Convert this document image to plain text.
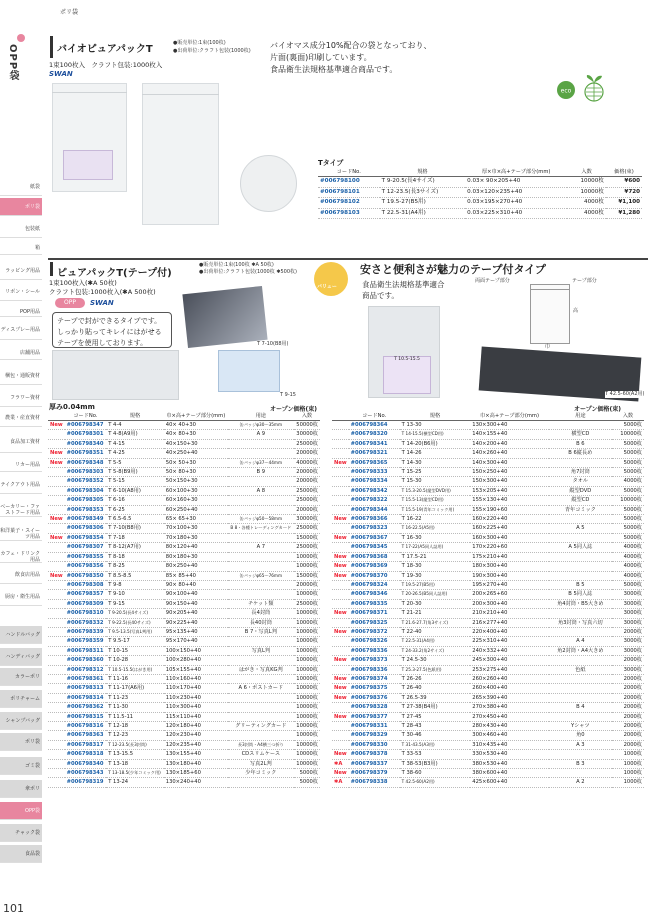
OPP袋
紙袋
ポリ袋
包装紙
箱
ラッピング用品
リボン・シール
POP用品
ディスプレー用品
店舗用品
梱包・通販資材
フラワー資材
農業・産直資材
食品加工資材
リカー用品
テイクアウト用品
ベーカリー・ファストフード用品
和洋菓子・スイーツ用品
カフェ・ドリンク用品
飲食店用品
厨房・衛生用品
ハンドルバッグ
ハンディバッグ
カラーポリ
ポリチャーム
シャンプバッグ
ポリ袋
ゴミ袋
傘ポリ
OPP袋
チャック袋
食品袋
101
ポリ袋
バイオピュアパックT
●販売単位:1束(100枚)
●出荷単位:クラフト包装(1000枚)
1束100枚入　クラフト包装:1000枚入
SWAN
バイオマス成分10%配合の袋となっており、
片面(裏面)印刷しています。
食品衛生法規格基準適合商品です。
eco
Tタイプ
コードNo.	規格	厚×巾×高+テープ部分(mm)	入数	価格(束)
#006798100	T 9-20.5(長4サイズ)	0.03× 90×205+40	10000枚	¥600
#006798101	T 12-23.5(長3サイズ)	0.03×120×235+40	10000枚	¥720
#006798102	T 19.5-27(B5用)	0.03×195×270+40	4000枚	¥1,100
#006798103	T 22.5-31(A4用)	0.03×225×310+40	4000枚	¥1,280
ピュアパックT(テープ付)
●販売単位:1束(100枚 ✱A 50枚)
●出荷単位:クラフト包装(1000枚 ✱500枚)
1束100枚入(✱A 50枚)
クラフト包装:1000枚入(✱A 500枚)
OPP	SWAN
テープで封ができるタイプです。しっかり貼ってキレイにはがせるテープを使用しております。	T 7-10(B8用)
T 9-15
バリュー
安さと便利さが魅力のテープ付タイプ
食品衛生法規格基準適合
商品です。
両面テープ部分	テープ部分
高
巾
T 10.5-15.5
T 42.5-60(A2用)
厚み0.04mm	オープン価格(束)	オープン価格(束)
	コードNo.	規格	巾×高+テープ部分(mm)	用途	入数
New	#006798347	T 4-4	40× 40+30	缶バッジφ30〜35mm	50000枚
	#006798301	T 4-8(A9用)	40× 80+30	A 9	30000枚
	#006798340	T 4-15	40×150+30		25000枚
New	#006798351	T 4-25	40×250+40		20000枚
New	#006798348	T 5-5	50× 50+30	缶バッジφ37〜44mm	40000枚
	#006798303	T 5-8(B9用)	50× 80+30	B 9	20000枚
	#006798352	T 5-15	50×150+30		20000枚
	#006798304	T 6-10(A8用)	60×100+30	A 8	25000枚
	#006798305	T 6-16	60×160+30		25000枚
	#006798353	T 6-25	60×250+40		20000枚
New	#006798349	T 6.5-6.5	65× 65+30	缶バッジφ50〜58mm	30000枚
	#006798306	T 7-10(B8用)	70×100+30	B 8・各種トレーディングカード	25000枚
New	#006798354	T 7-18	70×180+30		15000枚
	#006798307	T 8-12(A7用)	80×120+40	A 7	25000枚
	#006798355	T 8-18	80×180+30		10000枚
	#006798356	T 8-25	80×250+40		10000枚
New	#006798350	T 8.5-8.5	85× 85+40	缶バッジφ65〜76mm	15000枚
	#006798308	T 9-8	90× 80+40		20000枚
	#006798357	T 9-10	90×100+40		10000枚
	#006798309	T 9-15	90×150+40	チケット類	25000枚
	#006798310	T 9-20.5(長4サイズ)	90×205+40	長4封筒	10000枚
	#006798332	T 9-22.5(長40サイズ)	90×225+40	長40封筒	10000枚
	#006798339	T 9.5-13.5(写真L判用)	95×135+40	B 7・写真L判	10000枚
	#006798359	T 9.5-17	95×170+40		10000枚
	#006798311	T 10-15	100×150+40	写真L判	10000枚
	#006798360	T 10-28	100×280+40		10000枚
	#006798312	T 10.5-15.5(はがき用)	105×155+40	はがき・写真KG判	10000枚
	#006798361	T 11-16	110×160+40		10000枚
	#006798313	T 11-17(A6用)	110×170+40	A 6・ポストカード	10000枚
	#006798314	T 11-23	110×230+40		10000枚
	#006798362	T 11-30	110×300+40		10000枚
	#006798315	T 11.5-11	115×110+40		10000枚
	#006798316	T 12-18	120×180+40	グリーティングカード	10000枚
	#006798363	T 12-23	120×230+40		10000枚
	#006798317	T 12-23.5(長3封筒)	120×235+40	長3封筒・A4横三つ折り	10000枚
	#006798318	T 13-15.5	130×155+40	CDスリムケース	10000枚
	#006798340	T 13-18	130×180+40	写真2L判	10000枚
	#006798343	T 13-18.5(少年コミック用)	130×185+60	少年コミック	5000枚
	#006798319	T 13-24	130×240+40		5000枚
	コードNo.	規格	巾×高+テープ部分(mm)	用途	入数
	#006798364	T 13-30	130×300+40		5000枚
	#006798320	T 14-15.5(横型CD用)	140×155+40	横型CD	10000枚
	#006798341	T 14-20(B6用)	140×200+40	B 6	5000枚
	#006798321	T 14-26	140×260+40	B 6縦長め	5000枚
New	#006798365	T 14-30	140×300+40		5000枚
	#006798333	T 15-25	150×250+40	角7封筒	5000枚
	#006798334	T 15-30	150×300+40	タオル	4000枚
	#006798342	T 15.3-20.5(縦型DVD用)	153×205+40	縦型DVD	5000枚
	#006798322	T 15.5-13(縦型CD用)	155×130+40	縦型CD	10000枚
	#006798344	T 15.5-19(青年コミック用)	155×190+60	青年コミック	5000枚
New	#006798366	T 16-22	160×220+40		5000枚
	#006798323	T 16-22.5(A5用)	160×225+40	A 5	5000枚
New	#006798367	T 16-30	160×300+40		5000枚
	#006798345	T 17-22(A5同人誌用)	170×220+60	A 5同人誌	4000枚
New	#006798368	T 17.5-21	175×210+40		4000枚
New	#006798369	T 18-30	180×300+40		4000枚
New	#006798370	T 19-30	190×300+40		4000枚
	#006798324	T 19.5-27(B5用)	195×270+40	B 5	5000枚
	#006798346	T 20-26.5(B5同人誌用)	200×265+60	B 5同人誌	3000枚
	#006798335	T 20-30	200×300+40	角4封筒・B5大きめ	3000枚
New	#006798371	T 21-21	210×210+40		3000枚
	#006798325	T 21.6-27.7(角3サイズ)	216×277+40	角3封筒・写真六切	3000枚
New	#006798372	T 22-40	220×400+40		2000枚
	#006798326	T 22.5-31(A4用)	225×310+40	A 4	3000枚
	#006798336	T 24-33.2(角2サイズ)	240×332+40	角2封筒・A4大きめ	3000枚
New	#006798373	T 24.5-30	245×300+40		2000枚
	#006798336	T 25.3-27.5(色紙用)	253×275+40	色紙	3000枚
New	#006798374	T 26-26	260×260+40		2000枚
New	#006798375	T 26-40	260×400+40		2000枚
New	#006798376	T 26.5-39	265×390+40		2000枚
	#006798328	T 27-38(B4用)	270×380+40	B 4	2000枚
New	#006798377	T 27-45	270×450+40		2000枚
	#006798331	T 28-43	280×430+40	Yシャツ	2000枚
	#006798329	T 30-46	300×460+40	角0	2000枚
	#006798330	T 31-43.5(A3用)	310×435+40	A 3	2000枚
New	#006798378	T 33-53	330×530+40		1000枚
✱A	#006798337	T 38-53(B3用)	380×530+40	B 3	1000枚
New	#006798379	T 38-60	380×600+40		1000枚
✱A	#006798338	T 42.5-60(A2用)	425×600+40	A 2	1000枚
